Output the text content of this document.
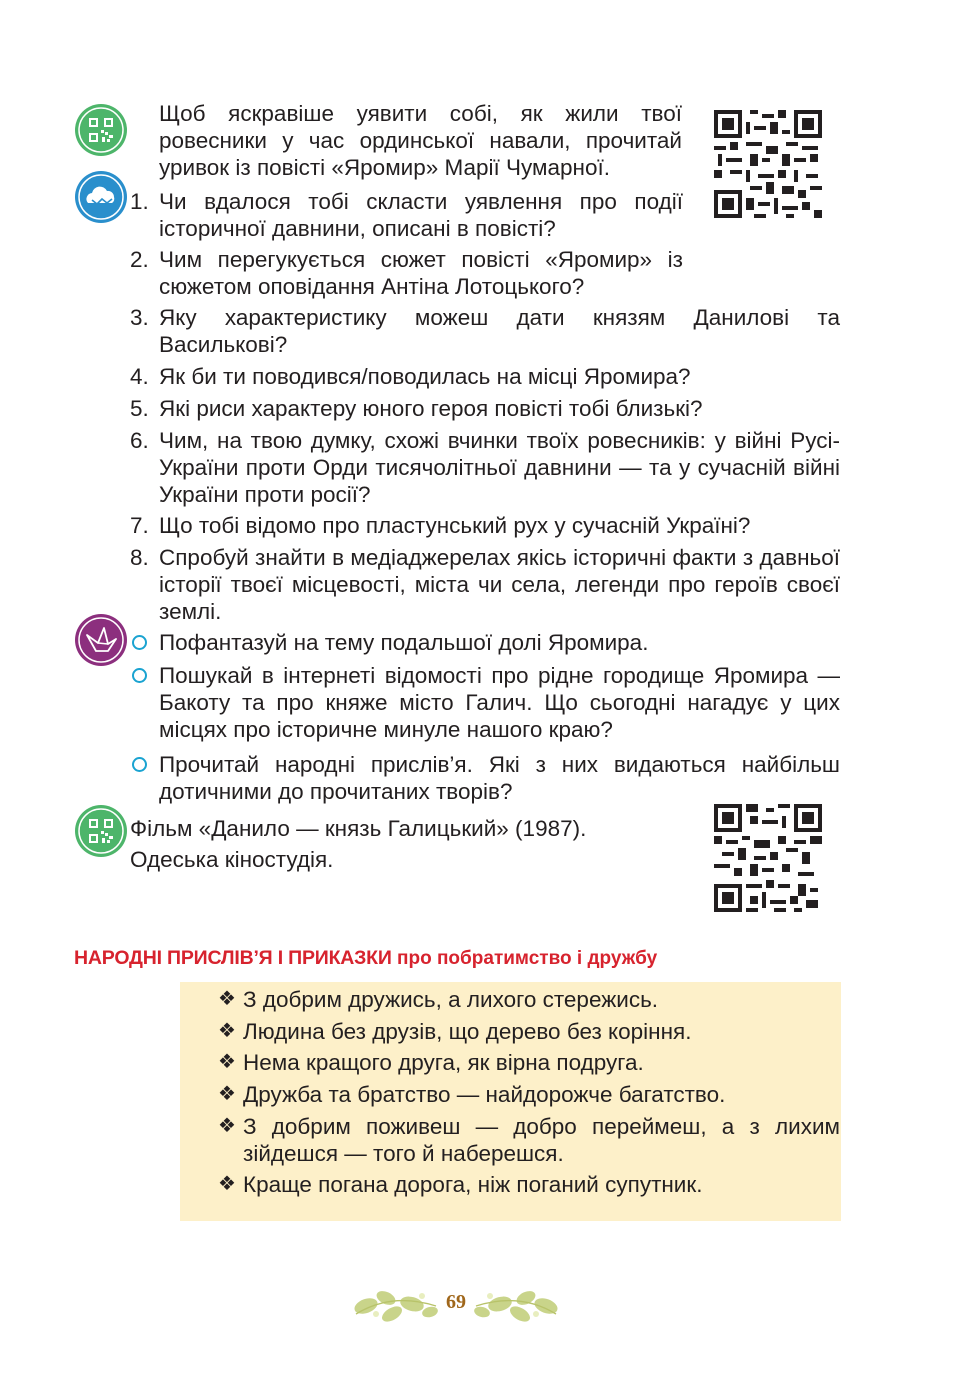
Щоб яскравіше уявити собі, як жили твої ровесники у час ординської навали, прочитай уривок із повісті «Яромир» Марії Чумарної.
1. Чи вдалося тобі скласти уявлення про події історичної давнини, описані в повісті?
2. Чим перегукується сюжет повісті «Яромир» із сюжетом оповідання Антіна Лотоцького?
3. Яку характеристику можеш дати князям Данилові та Василькові?
4. Як би ти поводився/поводилась на місці Яромира?
5. Які риси характеру юного героя повісті тобі близькі?
6. Чим, на твою думку, схожі вчинки твоїх ровесників: у війні Русі-України проти Орди тисячолітньої давнини — та у сучасній війні України проти росії?
7. Що тобі відомо про пластунський рух у сучасній Україні?
8. Спробуй знайти в медіаджерелах якісь історичні факти з давньої історії твоєї місцевості, міста чи села, легенди про героїв своєї землі.
Пофантазуй на тему подальшої долі Яромира.
Пошукай в інтернеті відомості про рідне городище Яромира — Бакоту та про княже місто Галич. Що сьогодні нагадує у цих місцях про історичне минуле нашого краю?
Прочитай народні прислів’я. Які з них видаються найбільш дотичними до прочитаних творів?
Фільм «Данило — князь Галицький» (1987).
Одеська кіностудія.
НАРОДНІ ПРИСЛІВ’Я І ПРИКАЗКИ про побратимство і дружбу
❖ З добрим дружись, а лихого стережись.
❖ Людина без друзів, що дерево без коріння.
❖ Нема кращого друга, як вірна подруга.
❖ Дружба та братство — найдорожче багатство.
❖ З добрим поживеш — добро переймеш, а з лихим зійдешся — того й наберешся.
❖ Краще погана дорога, ніж поганий супутник.
69
